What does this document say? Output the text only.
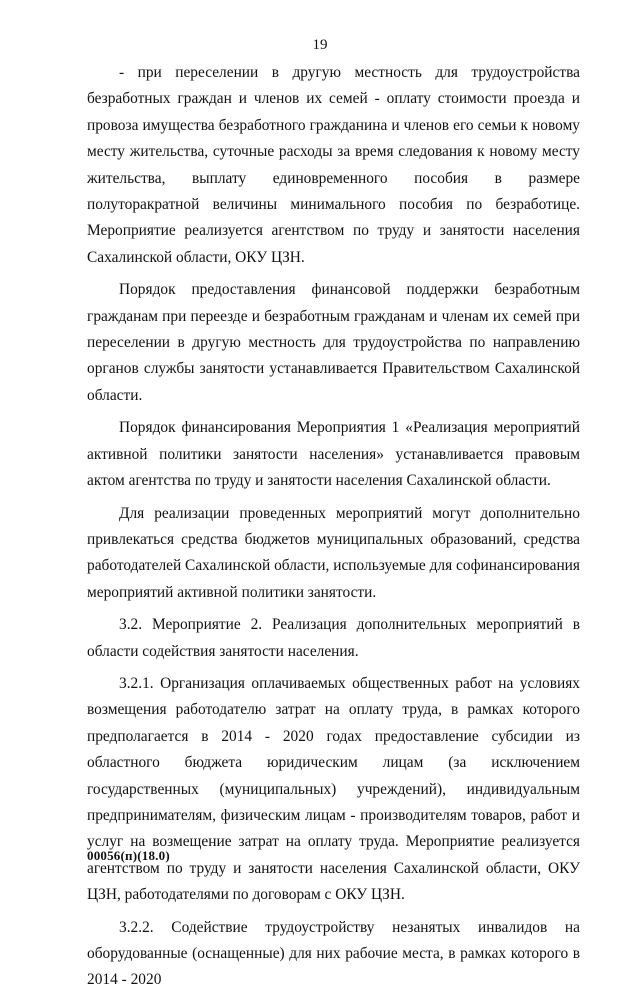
19

- при переселении в другую местность для трудоустройства безработных граждан и членов их семей - оплату стоимости проезда и провоза имущества безработного гражданина и членов его семьи к новому месту жительства, суточные расходы за время следования к новому месту жительства, выплату единовременного пособия в размере полуторакратной величины минимального пособия по безработице. Мероприятие реализуется агентством по труду и занятости населения Сахалинской области, ОКУ ЦЗН.

Порядок предоставления финансовой поддержки безработным гражданам при переезде и безработным гражданам и членам их семей при переселении в другую местность для трудоустройства по направлению органов службы занятости устанавливается Правительством Сахалинской области.

Порядок финансирования Мероприятия 1 «Реализация мероприятий активной политики занятости населения» устанавливается правовым актом агентства по труду и занятости населения Сахалинской области.

Для реализации проведенных мероприятий могут дополнительно привлекаться средства бюджетов муниципальных образований, средства работодателей Сахалинской области, используемые для софинансирования мероприятий активной политики занятости.

3.2. Мероприятие 2. Реализация дополнительных мероприятий в области содействия занятости населения.

3.2.1. Организация оплачиваемых общественных работ на условиях возмещения работодателю затрат на оплату труда, в рамках которого предполагается в 2014 - 2020 годах предоставление субсидии из областного бюджета юридическим лицам (за исключением государственных (муниципальных) учреждений), индивидуальным предпринимателям, физическим лицам - производителям товаров, работ и услуг на возмещение затрат на оплату труда. Мероприятие реализуется агентством по труду и занятости населения Сахалинской области, ОКУ ЦЗН, работодателями по договорам с ОКУ ЦЗН.

3.2.2. Содействие трудоустройству незанятых инвалидов на оборудованные (оснащенные) для них рабочие места, в рамках которого в 2014 - 2020

00056(п)(18.0)
